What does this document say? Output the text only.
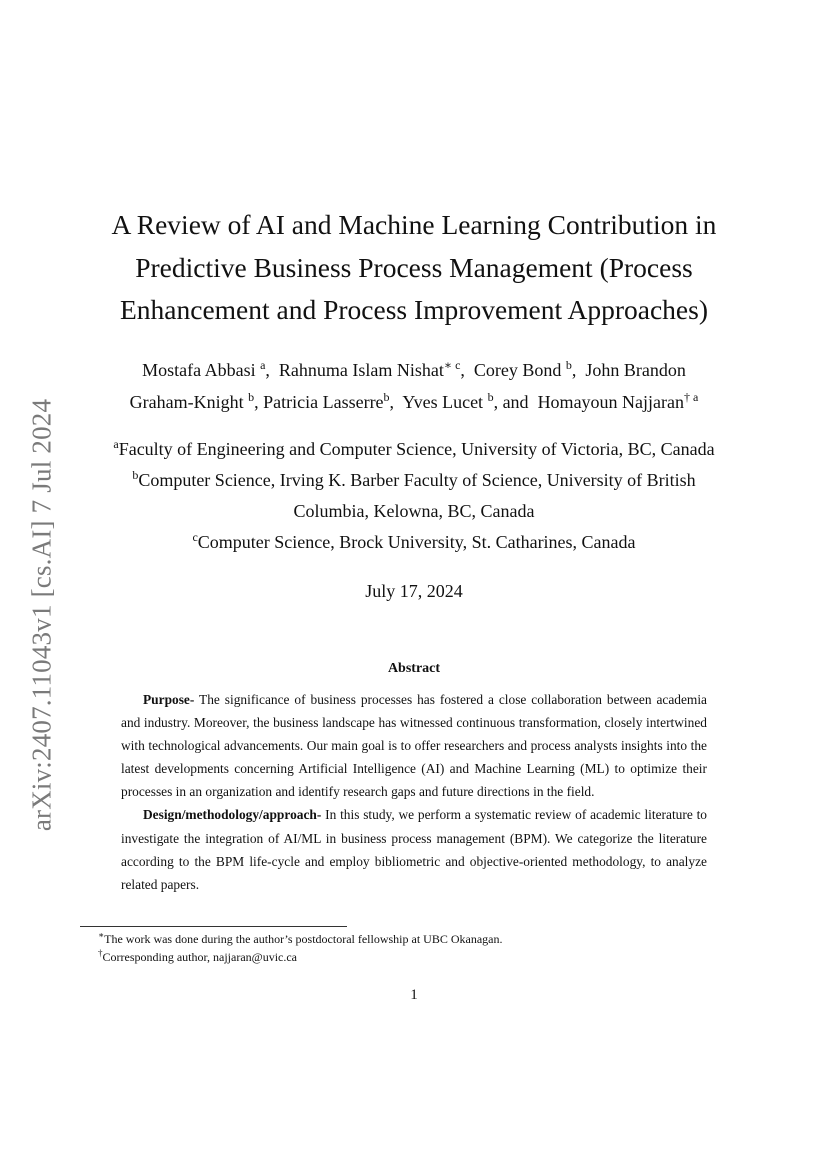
arXiv:2407.11043v1 [cs.AI] 7 Jul 2024
A Review of AI and Machine Learning Contribution in
Predictive Business Process Management (Process
Enhancement and Process Improvement Approaches)
Mostafa Abbasi $^a$,  Rahnuma Islam Nishat$^{∗ c}$,  Corey Bond $^b$,  John Brandon
Graham-Knight $^b$, Patricia Lasserre$^b$,  Yves Lucet $^b$, and Homayoun Najjaran$^{\dagger a}$
$^a$Faculty of Engineering and Computer Science, University of Victoria, BC, Canada
$^b$Computer Science, Irving K. Barber Faculty of Science, University of British
Columbia, Kelowna, BC, Canada
$^c$Computer Science, Brock University, St. Catharines, Canada
July 17, 2024
Abstract

Purpose- The significance of business processes has fostered a close collaboration between academia and industry. Moreover, the business landscape has witnessed continuous transformation, closely intertwined with technological advancements. Our main goal is to offer researchers and process analysts insights into the latest developments concerning Artificial Intelligence (AI) and Machine Learning (ML) to optimize their processes in an organization and identify research gaps and future directions in the field.

Design/methodology/approach- In this study, we perform a systematic review of academic literature to investigate the integration of AI/ML in business process management (BPM). We categorize the literature according to the BPM life-cycle and employ bibliometric and objective-oriented methodology, to analyze related papers.

∗The work was done during the author’s postdoctoral fellowship at UBC Okanagan.
†Corresponding author, najjaran@uvic.ca
1
